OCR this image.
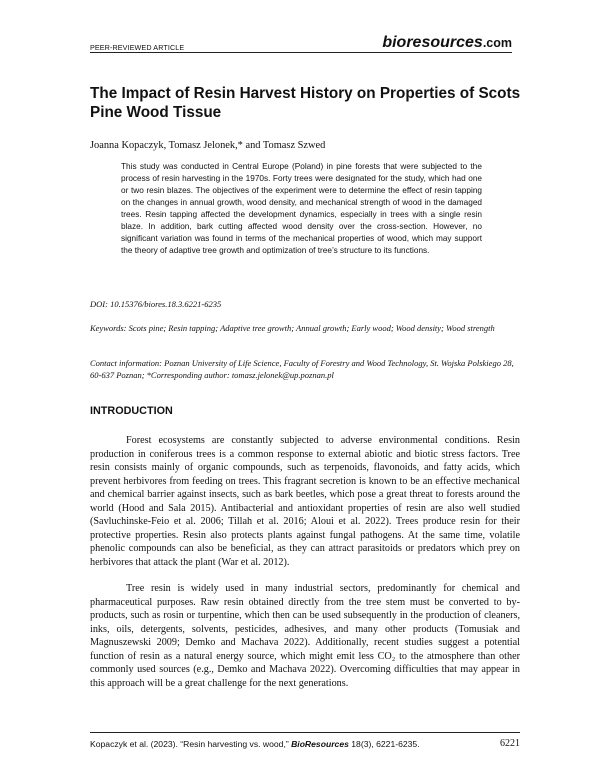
PEER-REVIEWED ARTICLE	bioresources.com
The Impact of Resin Harvest History on Properties of Scots Pine Wood Tissue
Joanna Kopaczyk, Tomasz Jelonek,* and Tomasz Szwed

This study was conducted in Central Europe (Poland) in pine forests that were subjected to the process of resin harvesting in the 1970s. Forty trees were designated for the study, which had one or two resin blazes. The objectives of the experiment were to determine the effect of resin tapping on the changes in annual growth, wood density, and mechanical strength of wood in the damaged trees. Resin tapping affected the development dynamics, especially in trees with a single resin blaze. In addition, bark cutting affected wood density over the cross-section. However, no significant variation was found in terms of the mechanical properties of wood, which may support the theory of adaptive tree growth and optimization of tree’s structure to its functions.

DOI: 10.15376/biores.18.3.6221-6235

Keywords: Scots pine; Resin tapping; Adaptive tree growth; Annual growth; Early wood; Wood density; Wood strength

Contact information: Poznan University of Life Science, Faculty of Forestry and Wood Technology, St. Wojska Polskiego 28, 60-637 Poznan; *Corresponding author: tomasz.jelonek@up.poznan.pl

INTRODUCTION

Forest ecosystems are constantly subjected to adverse environmental conditions. Resin production in coniferous trees is a common response to external abiotic and biotic stress factors. Tree resin consists mainly of organic compounds, such as terpenoids, flavonoids, and fatty acids, which prevent herbivores from feeding on trees. This fragrant secretion is known to be an effective mechanical and chemical barrier against insects, such as bark beetles, which pose a great threat to forests around the world (Hood and Sala 2015). Antibacterial and antioxidant properties of resin are also well studied (Savluchinske-Feio et al. 2006; Tillah et al. 2016; Aloui et al. 2022). Trees produce resin for their protective properties. Resin also protects plants against fungal pathogens. At the same time, volatile phenolic compounds can also be beneficial, as they can attract parasitoids or predators which prey on herbivores that attack the plant (War et al. 2012).

Tree resin is widely used in many industrial sectors, predominantly for chemical and pharmaceutical purposes. Raw resin obtained directly from the tree stem must be converted to by-products, such as rosin or turpentine, which then can be used subsequently in the production of cleaners, inks, oils, detergents, solvents, pesticides, adhesives, and many other products (Tomusiak and Magnuszewski 2009; Demko and Machava 2022). Additionally, recent studies suggest a potential function of resin as a natural energy source, which might emit less CO₂ to the atmosphere than other commonly used sources (e.g., Demko and Machava 2022). Overcoming difficulties that may appear in this approach will be a great challenge for the next generations.

Kopaczyk et al. (2023). “Resin harvesting vs. wood,” BioResources 18(3), 6221-6235.	6221
